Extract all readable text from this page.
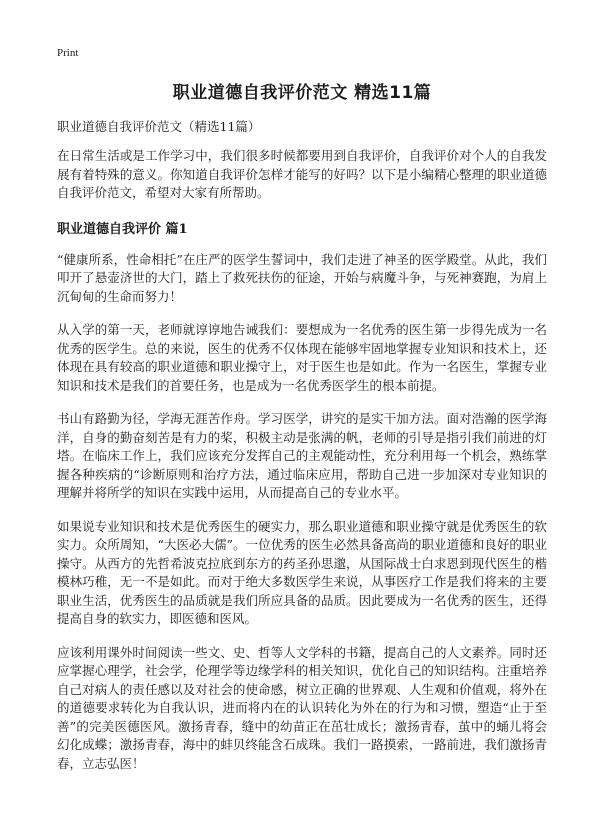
Print
职业道德自我评价范文 精选11篇
职业道德自我评价范文（精选11篇）

在日常生活或是工作学习中，我们很多时候都要用到自我评价，自我评价对个人的自我发展有着特殊的意义。你知道自我评价怎样才能写的好吗？以下是小编精心整理的职业道德自我评价范文，希望对大家有所帮助。

职业道德自我评价 篇1

“健康所系，性命相托”在庄严的医学生誓词中，我们走进了神圣的医学殿堂。从此，我们叩开了悬壶济世的大门，踏上了救死扶伤的征途，开始与病魔斗争，与死神赛跑，为肩上沉甸甸的生命而努力！

从入学的第一天，老师就谆谆地告诫我们：要想成为一名优秀的医生第一步得先成为一名优秀的医学生。总的来说，医生的优秀不仅体现在能够牢固地掌握专业知识和技术上，还体现在具有较高的职业道德和职业操守上，对于医生也是如此。作为一名医生，掌握专业知识和技术是我们的首要任务，也是成为一名优秀医学生的根本前提。

书山有路勤为径，学海无涯苦作舟。学习医学，讲究的是实干加方法。面对浩瀚的医学海洋，自身的勤奋刻苦是有力的桨，积极主动是张满的帆，老师的引导是指引我们前进的灯塔。在临床工作上，我们应该充分发挥自己的主观能动性，充分利用每一个机会，熟练掌握各种疾病的“诊断原则和治疗方法，通过临床应用，帮助自己进一步加深对专业知识的理解并将所学的知识在实践中运用，从而提高自己的专业水平。

如果说专业知识和技术是优秀医生的硬实力，那么职业道德和职业操守就是优秀医生的软实力。众所周知，“大医必大儒”。一位优秀的医生必然具备高尚的职业道德和良好的职业操守。从西方的先哲希波克拉底到东方的药圣孙思邈，从国际战士白求恩到现代医生的楷模林巧稚，无一不是如此。而对于绝大多数医学生来说，从事医疗工作是我们将来的主要职业生活，优秀医生的品质就是我们所应具备的品质。因此要成为一名优秀的医生，还得提高自身的软实力，即医德和医风。

应该利用课外时间阅读一些文、史、哲等人文学科的书籍，提高自己的人文素养。同时还应掌握心理学，社会学，伦理学等边缘学科的相关知识，优化自己的知识结构。注重培养自己对病人的责任感以及对社会的使命感，树立正确的世界观、人生观和价值观，将外在的道德要求转化为自我认识，进而将内在的认识转化为外在的行为和习惯，塑造“止于至善”的完美医德医风。激扬青春，缝中的幼苗正在茁壮成长；激扬青春，茧中的蛹儿将会幻化成蝶；激扬青春，海中的蚌贝终能含石成珠。我们一路摸索，一路前进，我们激扬青春，立志弘医！
